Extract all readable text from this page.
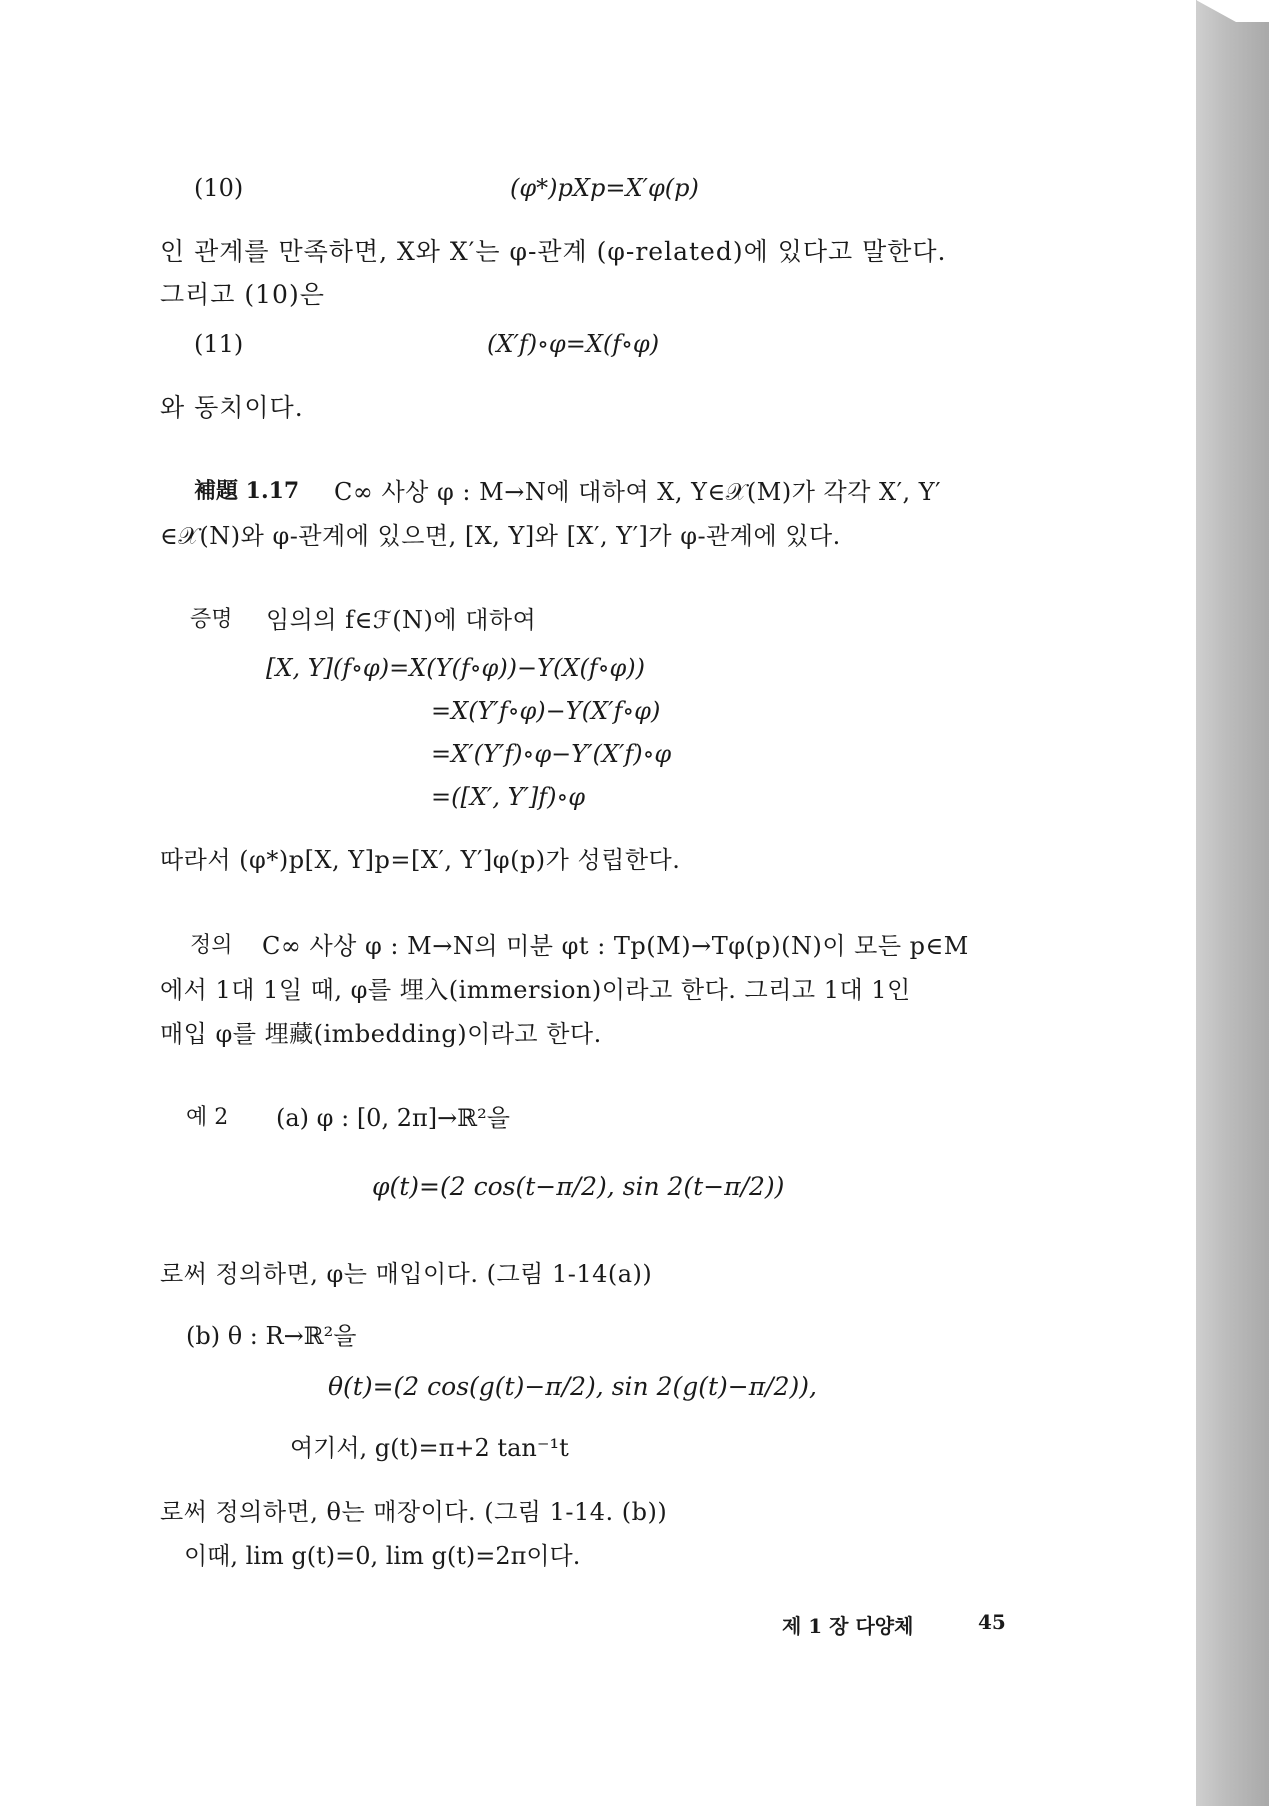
(10)	(φ*)pXp=X′φ(p)
인 관계를 만족하면, X와 X′는 φ-관계 (φ-related)에 있다고 말한다.
그리고 (10)은
(11)	(X′f)∘φ=X(f∘φ)
와 동치이다.
補題 1.17 C∞ 사상 φ : M→N에 대하여 X, Y∈𝒳(M)가 각각 X′, Y′
∈𝒳(N)와 φ-관계에 있으면, [X, Y]와 [X′, Y′]가 φ-관계에 있다.
증명 임의의 f∈ℱ(N)에 대하여
[X, Y](f∘φ)=X(Y(f∘φ))−Y(X(f∘φ))
=X(Y′f∘φ)−Y(X′f∘φ)
=X′(Y′f)∘φ−Y′(X′f)∘φ
=([X′, Y′]f)∘φ
따라서 (φ*)p[X, Y]p=[X′, Y′]φ(p)가 성립한다.
정의 C∞ 사상 φ : M→N의 미분 φt : Tp(M)→Tφ(p)(N)이 모든 p∈M
에서 1대 1일 때, φ를 埋入(immersion)이라고 한다. 그리고 1대 1인
매입 φ를 埋藏(imbedding)이라고 한다.
예 2 (a) φ : [0, 2π]→ℝ²을
φ(t)=(2 cos(t−π/2), sin 2(t−π/2))
로써 정의하면, φ는 매입이다. (그림 1-14(a))
(b) θ : R→ℝ²을
θ(t)=(2 cos(g(t)−π/2), sin 2(g(t)−π/2)),
여기서, g(t)=π+2 tan⁻¹t
로써 정의하면, θ는 매장이다. (그림 1-14. (b))
이때, lim g(t)=0, lim g(t)=2π이다.
제 1 장 다양체	45
